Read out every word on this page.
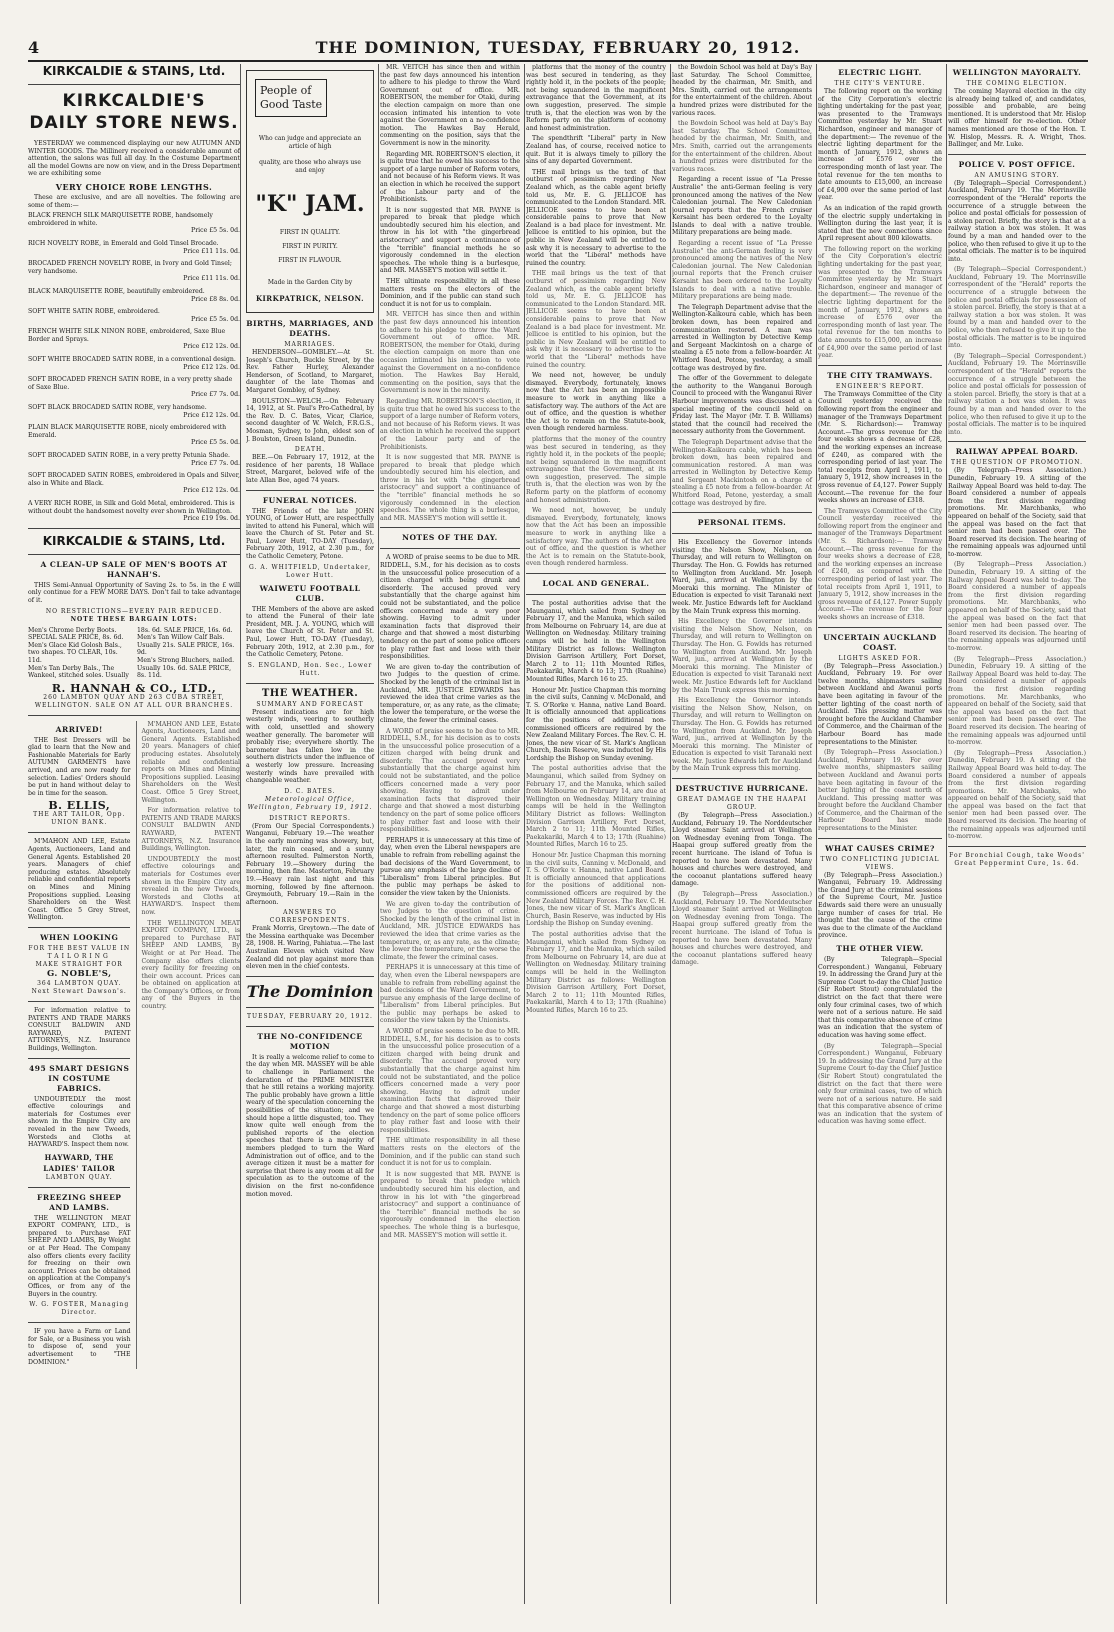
4	THE DOMINION, TUESDAY, FEBRUARY 20, 1912.
KIRKCALDIE & STAINS, Ltd.
KIRKCALDIE'S
DAILY STORE NEWS.

YESTERDAY we commenced displaying our new AUTUMN AND WINTER GOODS. The Millinery received a considerable amount of attention, the salons was full all day. In the Costume Department all the model Gowns are now on view, and in the Dress Department we are exhibiting some

VERY CHOICE ROBE LENGTHS.

These are exclusive, and are all novelties. The following are some of them:—

BLACK FRENCH SILK MARQUISETTE ROBE, handsomely embroidered in white.
Price £5 5s. 0d.
RICH NOVELTY ROBE, in Emerald and Gold Tinsel Brocade.
Price £11 11s. 0d.
BROCADED FRENCH NOVELTY ROBE, in Ivory and Gold Tinsel; very handsome.
Price £11 11s. 0d.
BLACK MARQUISETTE ROBE, beautifully embroidered.
Price £8 8s. 0d.
SOFT WHITE SATIN ROBE, embroidered.
Price £5 5s. 0d.
FRENCH WHITE SILK NINON ROBE, embroidered, Saxe Blue Border and Sprays.
Price £12 12s. 0d.
SOFT WHITE BROCADED SATIN ROBE, in a conventional design.
Price £12 12s. 0d.
SOFT BROCADED FRENCH SATIN ROBE, in a very pretty shade of Saxe Blue.
Price £7 7s. 0d.
SOFT BLACK BROCADED SATIN ROBE, very handsome.
Price £12 12s. 0d.
PLAIN BLACK MARQUISETTE ROBE, nicely embroidered with Emerald.
Price £5 5s. 0d.
SOFT BROCADED SATIN ROBE, in a very pretty Petunia Shade.
Price £7 7s. 0d.
SOFT BROCADED SATIN ROBES, embroidered in Opals and Silver, also in White and Black.
Price £12 12s. 0d.
A VERY RICH ROBE, in Silk and Gold Metal, embroidered. This is without doubt the handsomest novelty ever shown in Wellington.
Price £19 19s. 0d.
KIRKCALDIE & STAINS, Ltd.
A CLEAN-UP SALE OF MEN'S BOOTS AT HANNAH'S.

THIS Semi-Annual Opportunity of Saving 2s. to 5s. in the £ will only continue for a FEW MORE DAYS. Don't fail to take advantage of it.

NO RESTRICTIONS—EVERY PAIR REDUCED.
NOTE THESE BARGAIN LOTS:
Men's Chrome Derby Boots. SPECIAL SALE PRICE, 8s. 6d.
Men's Glace Kid Golosh Bals., two shapes. TO CLEAR, 10s. 11d.
Men's Tan Derby Bals., The Wankeel, stitched soles. Usually 18s. 6d. SALE PRICE, 16s. 6d.
Men's Tan Willow Calf Bals. Usually 21s. SALE PRICE, 16s. 9d.
Men's Strong Bluchers, nailed. Usually 10s. 6d. SALE PRICE, 8s. 11d.
R. HANNAH & CO., LTD.,
260 LAMBTON QUAY AND 263 CUBA STREET, WELLINGTON. SALE ON AT ALL OUR BRANCHES.
ARRIVED!

THE Best Dressers will be glad to learn that the New and Fashionable Materials for Early AUTUMN GARMENTS have arrived, and are now ready for selection. Ladies' Orders should be put in hand without delay to be in time for the season.

B. ELLIS,
THE ART TAILOR, Opp. UNION BANK.

M'MAHON AND LEE, Estate Agents, Auctioneers, Land and General Agents. Established 20 years. Managers of chief producing estates. Absolutely reliable and confidential reports on Mines and Mining Propositions supplied. Leasing Shareholders on the West Coast. Office 5 Grey Street, Wellington.

WHEN LOOKING
FOR THE BEST VALUE IN
TAILORING
MAKE STRAIGHT FOR
G. NOBLE'S,
364 LAMBTON QUAY. Next Stewart Dawson's.

For information relative to PATENTS AND TRADE MARKS CONSULT BALDWIN AND RAYWARD, PATENT ATTORNEYS, N.Z. Insurance Buildings, Wellington.

495 SMART DESIGNS IN COSTUME FABRICS.

UNDOUBTEDLY the most effective colourings and materials for Costumes ever shown in the Empire City are revealed in the new Tweeds, Worsteds and Cloths at HAYWARD'S. Inspect them now.

HAYWARD, THE LADIES' TAILOR
LAMBTON QUAY.
FREEZING SHEEP AND LAMBS.

THE WELLINGTON MEAT EXPORT COMPANY, LTD., is prepared to Purchase FAT SHEEP AND LAMBS, By Weight or at Per Head. The Company also offers clients every facility for freezing on their own account. Prices can be obtained on application at the Company's Offices, or from any of the Buyers in the country.

W. G. FOSTER, Managing Director.

IF you have a Farm or Land for Sale, or a Business you wish to dispose of, send your advertisement to "THE DOMINION."

M'MAHON AND LEE, Estate Agents, Auctioneers, Land and General Agents. Established 20 years. Managers of chief producing estates. Absolutely reliable and confidential reports on Mines and Mining Propositions supplied. Leasing Shareholders on the West Coast. Office 5 Grey Street, Wellington.

For information relative to PATENTS AND TRADE MARKS CONSULT BALDWIN AND RAYWARD, PATENT ATTORNEYS, N.Z. Insurance Buildings, Wellington.

UNDOUBTEDLY the most effective colourings and materials for Costumes ever shown in the Empire City are revealed in the new Tweeds, Worsteds and Cloths at HAYWARD'S. Inspect them now.

THE WELLINGTON MEAT EXPORT COMPANY, LTD., is prepared to Purchase FAT SHEEP AND LAMBS, By Weight or at Per Head. The Company also offers clients every facility for freezing on their own account. Prices can be obtained on application at the Company's Offices, or from any of the Buyers in the country.

People of
Good Taste
Who can judge and appreciate an article of high
quality, are those who always use and enjoy
"K" JAM.
FIRST IN QUALITY.
FIRST IN PURITY.
FIRST IN FLAVOUR.
Made in the Garden City by
KIRKPATRICK, NELSON.
BIRTHS, MARRIAGES, AND DEATHS.
MARRIAGES.

HENDERSON—GOMBLEY.—At St. Joseph's Church, Buckle Street, by the Rev. Father Hurley, Alexander Henderson, of Scotland, to Margaret, daughter of the late Thomas and Margaret Gombley, of Sydney.

BOULSTON—WELCH.—On February 14, 1912, at St. Paul's Pro-Cathedral, by the Rev. D. C. Bates, Vicar, Clarice, second daughter of W. Welch, F.R.G.S., Mosman, Sydney, to John, eldest son of J. Boulston, Green Island, Dunedin.

DEATH.

BEE.—On February 17, 1912, at the residence of her parents, 18 Wallace Street, Margaret, beloved wife of the late Allan Bee, aged 74 years.

FUNERAL NOTICES.

THE Friends of the late JOHN YOUNG, of Lower Hutt, are respectfully invited to attend his Funeral, which will leave the Church of St. Peter and St. Paul, Lower Hutt, TO-DAY (Tuesday), February 20th, 1912, at 2.30 p.m., for the Catholic Cemetery, Petone.

G. A. WHITFIELD, Undertaker, Lower Hutt.
WAIWETU FOOTBALL CLUB.

THE Members of the above are asked to attend the Funeral of their late President, MR. J. A. YOUNG, which will leave the Church of St. Peter and St. Paul, Lower Hutt, TO-DAY (Tuesday), February 20th, 1912, at 2.30 p.m., for the Catholic Cemetery, Petone.

S. ENGLAND, Hon. Sec., Lower Hutt.
THE WEATHER.
SUMMARY AND FORECAST

Present indications are for high westerly winds, veering to southerly with cold, unsettled and showery weather generally. The barometer will probably rise; everywhere shortly. The barometer has fallen low in the southern districts under the influence of a westerly low pressure. Increasing westerly winds have prevailed with changeable weather.

D. C. BATES.
Meteorological Office, Wellington, February 19, 1912.
DISTRICT REPORTS.

(From Our Special Correspondents.) Wanganui, February 19.—The weather in the early morning was showery, but, later, the rain ceased, and a sunny afternoon resulted. Palmerston North, February 19.—Showery during the morning, then fine. Masterton, February 19.—Heavy rain last night and this morning, followed by fine afternoon. Greymouth, February 19.—Rain in the afternoon.

ANSWERS TO CORRESPONDENTS.

Frank Morris, Greytown.—The date of the Messina earthquake was December 28, 1908. H. Waring, Pahiatua.—The last Australian Eleven which visited New Zealand did not play against more than eleven men in the chief contests.

The Dominion
TUESDAY, FEBRUARY 20, 1912.
THE NO-CONFIDENCE MOTION

It is really a welcome relief to come to the day when MR. MASSEY will be able to challenge in Parliament the declaration of the PRIME MINISTER that he still retains a working majority. The public probably have grown a little weary of the speculation concerning the possibilities of the situation; and we should hope a little disgusted, too. They know quite well enough from the published reports of the election speeches that there is a majority of members pledged to turn the Ward Administration out of office, and to the average citizen it must be a matter for surprise that there is any room at all for speculation as to the outcome of the division on the first no-confidence motion moved.

MR. VEITCH has since then and within the past few days announced his intention to adhere to his pledge to throw the Ward Government out of office. MR. ROBERTSON, the member for Otaki, during the election campaign on more than one occasion intimated his intention to vote against the Government on a no-confidence motion. The Hawkes Bay Herald, commenting on the position, says that the Government is now in the minority.

Regarding MR. ROBERTSON'S election, it is quite true that he owed his success to the support of a large number of Reform voters, and not because of his Reform views. It was an election in which he received the support of the Labour party and of the Prohibitionists.

It is now suggested that MR. PAYNE is prepared to break that pledge which undoubtedly secured him his election, and throw in his lot with "the gingerbread aristocracy" and support a continuance of the "terrible" financial methods he so vigorously condemned in the election speeches. The whole thing is a burlesque, and MR. MASSEY'S motion will settle it.

THE ultimate responsibility in all these matters rests on the electors of the Dominion, and if the public can stand such conduct it is not for us to complain.

MR. VEITCH has since then and within the past few days announced his intention to adhere to his pledge to throw the Ward Government out of office. MR. ROBERTSON, the member for Otaki, during the election campaign on more than one occasion intimated his intention to vote against the Government on a no-confidence motion. The Hawkes Bay Herald, commenting on the position, says that the Government is now in the minority.

Regarding MR. ROBERTSON'S election, it is quite true that he owed his success to the support of a large number of Reform voters, and not because of his Reform views. It was an election in which he received the support of the Labour party and of the Prohibitionists.

It is now suggested that MR. PAYNE is prepared to break that pledge which undoubtedly secured him his election, and throw in his lot with "the gingerbread aristocracy" and support a continuance of the "terrible" financial methods he so vigorously condemned in the election speeches. The whole thing is a burlesque, and MR. MASSEY'S motion will settle it.

NOTES OF THE DAY.

A WORD of praise seems to be due to MR. RIDDELL, S.M., for his decision as to costs in the unsuccessful police prosecution of a citizen charged with being drunk and disorderly. The accused proved very substantially that the charge against him could not be substantiated, and the police officers concerned made a very poor showing. Having to admit under examination facts that disproved their charge and that showed a most disturbing tendency on the part of some police officers to play rather fast and loose with their responsibilities.

We are given to-day the contribution of two Judges to the question of crime. Shocked by the length of the criminal list in Auckland, MR. JUSTICE EDWARDS has reviewed the idea that crime varies as the temperature, or, as any rate, as the climate; the lower the temperature, or the worse the climate, the fewer the criminal cases.

A WORD of praise seems to be due to MR. RIDDELL, S.M., for his decision as to costs in the unsuccessful police prosecution of a citizen charged with being drunk and disorderly. The accused proved very substantially that the charge against him could not be substantiated, and the police officers concerned made a very poor showing. Having to admit under examination facts that disproved their charge and that showed a most disturbing tendency on the part of some police officers to play rather fast and loose with their responsibilities.

PERHAPS it is unnecessary at this time of day, when even the Liberal newspapers are unable to refrain from rebelling against the bad decisions of the Ward Government, to pursue any emphasis of the large decline of "Liberalism" from Liberal principles. But the public may perhaps be asked to consider the view taken by the Unionists.

We are given to-day the contribution of two Judges to the question of crime. Shocked by the length of the criminal list in Auckland, MR. JUSTICE EDWARDS has reviewed the idea that crime varies as the temperature, or, as any rate, as the climate; the lower the temperature, or the worse the climate, the fewer the criminal cases.

PERHAPS it is unnecessary at this time of day, when even the Liberal newspapers are unable to refrain from rebelling against the bad decisions of the Ward Government, to pursue any emphasis of the large decline of "Liberalism" from Liberal principles. But the public may perhaps be asked to consider the view taken by the Unionists.

A WORD of praise seems to be due to MR. RIDDELL, S.M., for his decision as to costs in the unsuccessful police prosecution of a citizen charged with being drunk and disorderly. The accused proved very substantially that the charge against him could not be substantiated, and the police officers concerned made a very poor showing. Having to admit under examination facts that disproved their charge and that showed a most disturbing tendency on the part of some police officers to play rather fast and loose with their responsibilities.

THE ultimate responsibility in all these matters rests on the electors of the Dominion, and if the public can stand such conduct it is not for us to complain.

It is now suggested that MR. PAYNE is prepared to break that pledge which undoubtedly secured him his election, and throw in his lot with "the gingerbread aristocracy" and support a continuance of the "terrible" financial methods he so vigorously condemned in the election speeches. The whole thing is a burlesque, and MR. MASSEY'S motion will settle it.

platforms that the money of the country was best secured in tendering, as they rightly hold it, in the pockets of the people; not being squandered in the magnificent extravagance that the Government, at its own suggestion, preserved. The simple truth is, that the election was won by the Reform party on the platform of economy and honest administration.

The spendthrift "Liberal" party in New Zealand has, of course, received notice to quit. But it is always timely to pillory the sins of any departed Government.

THE mail brings us the text of that outburst of pessimism regarding New Zealand which, as the cable agent briefly told us, Mr. E. G. JELLICOE has communicated to the London Standard. MR. JELLICOE seems to have been at considerable pains to prove that New Zealand is a bad place for investment. Mr. Jellicoe is entitled to his opinion, but the public in New Zealand will be entitled to ask why it is necessary to advertise to the world that the "Liberal" methods have ruined the country.

THE mail brings us the text of that outburst of pessimism regarding New Zealand which, as the cable agent briefly told us, Mr. E. G. JELLICOE has communicated to the London Standard. MR. JELLICOE seems to have been at considerable pains to prove that New Zealand is a bad place for investment. Mr. Jellicoe is entitled to his opinion, but the public in New Zealand will be entitled to ask why it is necessary to advertise to the world that the "Liberal" methods have ruined the country.

We need not, however, be unduly dismayed. Everybody, fortunately, knows now that the Act has been an impossible measure to work in anything like a satisfactory way. The authors of the Act are out of office, and the question is whether the Act is to remain on the Statute-book, even though rendered harmless.

platforms that the money of the country was best secured in tendering, as they rightly hold it, in the pockets of the people; not being squandered in the magnificent extravagance that the Government, at its own suggestion, preserved. The simple truth is, that the election was won by the Reform party on the platform of economy and honest administration.

We need not, however, be unduly dismayed. Everybody, fortunately, knows now that the Act has been an impossible measure to work in anything like a satisfactory way. The authors of the Act are out of office, and the question is whether the Act is to remain on the Statute-book, even though rendered harmless.

LOCAL AND GENERAL.

The postal authorities advise that the Maunganui, which sailed from Sydney on February 17, and the Manuka, which sailed from Melbourne on February 14, are due at Wellington on Wednesday. Military training camps will be held in the Wellington Military District as follows: Wellington Division Garrison Artillery, Fort Dorset, March 2 to 11; 11th Mounted Rifles, Paekakariki, March 4 to 13; 17th (Ruahine) Mounted Rifles, March 16 to 25.

Honour Mr. Justice Chapman this morning in the civil suits, Canning v. McDonald, and T. S. O'Rorke v. Hanna, native Land Board. It is officially announced that applications for the positions of additional non-commissioned officers are required by the New Zealand Military Forces. The Rev. C. H. Jones, the new vicar of St. Mark's Anglican Church, Basin Reserve, was inducted by His Lordship the Bishop on Sunday evening.

The postal authorities advise that the Maunganui, which sailed from Sydney on February 17, and the Manuka, which sailed from Melbourne on February 14, are due at Wellington on Wednesday. Military training camps will be held in the Wellington Military District as follows: Wellington Division Garrison Artillery, Fort Dorset, March 2 to 11; 11th Mounted Rifles, Paekakariki, March 4 to 13; 17th (Ruahine) Mounted Rifles, March 16 to 25.

Honour Mr. Justice Chapman this morning in the civil suits, Canning v. McDonald, and T. S. O'Rorke v. Hanna, native Land Board. It is officially announced that applications for the positions of additional non-commissioned officers are required by the New Zealand Military Forces. The Rev. C. H. Jones, the new vicar of St. Mark's Anglican Church, Basin Reserve, was inducted by His Lordship the Bishop on Sunday evening.

The postal authorities advise that the Maunganui, which sailed from Sydney on February 17, and the Manuka, which sailed from Melbourne on February 14, are due at Wellington on Wednesday. Military training camps will be held in the Wellington Military District as follows: Wellington Division Garrison Artillery, Fort Dorset, March 2 to 11; 11th Mounted Rifles, Paekakariki, March 4 to 13; 17th (Ruahine) Mounted Rifles, March 16 to 25.

the Bowdoin School was held at Day's Bay last Saturday. The School Committee, headed by the chairman, Mr. Smith, and Mrs. Smith, carried out the arrangements for the entertainment of the children. About a hundred prizes were distributed for the various races.

the Bowdoin School was held at Day's Bay last Saturday. The School Committee, headed by the chairman, Mr. Smith, and Mrs. Smith, carried out the arrangements for the entertainment of the children. About a hundred prizes were distributed for the various races.

Regarding a recent issue of "La Presse Australie" the anti-German feeling is very pronounced among the natives of the New Caledonian journal. The New Caledonian journal reports that the French cruiser Kersaint has been ordered to the Loyalty Islands to deal with a native trouble. Military preparations are being made.

Regarding a recent issue of "La Presse Australie" the anti-German feeling is very pronounced among the natives of the New Caledonian journal. The New Caledonian journal reports that the French cruiser Kersaint has been ordered to the Loyalty Islands to deal with a native trouble. Military preparations are being made.

The Telegraph Department advise that the Wellington-Kaikoura cable, which has been broken down, has been repaired and communication restored. A man was arrested in Wellington by Detective Kemp and Sergeant Mackintosh on a charge of stealing a £5 note from a fellow-boarder. At Whitford Road, Petone, yesterday, a small cottage was destroyed by fire.

The offer of the Government to delegate the authority to the Wanganui Borough Council to proceed with the Wanganui River Harbour improvements was discussed at a special meeting of the council held on Friday last. The Mayor (Mr. T. B. Williams) stated that the council had received the necessary authority from the Government.

The Telegraph Department advise that the Wellington-Kaikoura cable, which has been broken down, has been repaired and communication restored. A man was arrested in Wellington by Detective Kemp and Sergeant Mackintosh on a charge of stealing a £5 note from a fellow-boarder. At Whitford Road, Petone, yesterday, a small cottage was destroyed by fire.

PERSONAL ITEMS.

His Excellency the Governor intends visiting the Nelson Show, Nelson, on Thursday, and will return to Wellington on Thursday. The Hon. G. Fowlds has returned to Wellington from Auckland. Mr. Joseph Ward, jun., arrived at Wellington by the Moeraki this morning. The Minister of Education is expected to visit Taranaki next week. Mr. Justice Edwards left for Auckland by the Main Trunk express this morning.

His Excellency the Governor intends visiting the Nelson Show, Nelson, on Thursday, and will return to Wellington on Thursday. The Hon. G. Fowlds has returned to Wellington from Auckland. Mr. Joseph Ward, jun., arrived at Wellington by the Moeraki this morning. The Minister of Education is expected to visit Taranaki next week. Mr. Justice Edwards left for Auckland by the Main Trunk express this morning.

His Excellency the Governor intends visiting the Nelson Show, Nelson, on Thursday, and will return to Wellington on Thursday. The Hon. G. Fowlds has returned to Wellington from Auckland. Mr. Joseph Ward, jun., arrived at Wellington by the Moeraki this morning. The Minister of Education is expected to visit Taranaki next week. Mr. Justice Edwards left for Auckland by the Main Trunk express this morning.

DESTRUCTIVE HURRICANE.
GREAT DAMAGE IN THE HAAPAI GROUP.

(By Telegraph—Press Association.) Auckland, February 19. The Norddeutscher Lloyd steamer Saint arrived at Wellington on Wednesday evening from Tonga. The Haapai group suffered greatly from the recent hurricane. The island of Tofua is reported to have been devastated. Many houses and churches were destroyed, and the cocoanut plantations suffered heavy damage.

(By Telegraph—Press Association.) Auckland, February 19. The Norddeutscher Lloyd steamer Saint arrived at Wellington on Wednesday evening from Tonga. The Haapai group suffered greatly from the recent hurricane. The island of Tofua is reported to have been devastated. Many houses and churches were destroyed, and the cocoanut plantations suffered heavy damage.

ELECTRIC LIGHT.
THE CITY'S VENTURE.

The following report on the working of the City Corporation's electric lighting undertaking for the past year, was presented to the Tramways Committee yesterday by Mr. Stuart Richardson, engineer and manager of the department:— The revenue of the electric lighting department for the month of January, 1912, shows an increase of £576 over the corresponding month of last year. The total revenue for the ten months to date amounts to £15,000, an increase of £4,900 over the same period of last year.

As an indication of the rapid growth of the electric supply undertaking in Wellington during the last year, it is stated that the new connections since April represent about 800 kilowatts.

The following report on the working of the City Corporation's electric lighting undertaking for the past year, was presented to the Tramways Committee yesterday by Mr. Stuart Richardson, engineer and manager of the department:— The revenue of the electric lighting department for the month of January, 1912, shows an increase of £576 over the corresponding month of last year. The total revenue for the ten months to date amounts to £15,000, an increase of £4,900 over the same period of last year.

THE CITY TRAMWAYS.
ENGINEER'S REPORT.

The Tramways Committee of the City Council yesterday received the following report from the engineer and manager of the Tramways Department (Mr. S. Richardson):— Tramway Account.—The gross revenue for the four weeks shows a decrease of £28, and the working expenses an increase of £240, as compared with the corresponding period of last year. The total receipts from April 1, 1911, to January 5, 1912, show increases in the gross revenue of £4,127. Power Supply Account.—The revenue for the four weeks shows an increase of £318.

The Tramways Committee of the City Council yesterday received the following report from the engineer and manager of the Tramways Department (Mr. S. Richardson):— Tramway Account.—The gross revenue for the four weeks shows a decrease of £28, and the working expenses an increase of £240, as compared with the corresponding period of last year. The total receipts from April 1, 1911, to January 5, 1912, show increases in the gross revenue of £4,127. Power Supply Account.—The revenue for the four weeks shows an increase of £318.

UNCERTAIN AUCKLAND COAST.
LIGHTS ASKED FOR.

(By Telegraph—Press Association.) Auckland, February 19. For over twelve months, shipmasters sailing between Auckland and Awanui ports have been agitating in favour of the better lighting of the coast north of Auckland. This pressing matter was brought before the Auckland Chamber of Commerce, and the Chairman of the Harbour Board has made representations to the Minister.

(By Telegraph—Press Association.) Auckland, February 19. For over twelve months, shipmasters sailing between Auckland and Awanui ports have been agitating in favour of the better lighting of the coast north of Auckland. This pressing matter was brought before the Auckland Chamber of Commerce, and the Chairman of the Harbour Board has made representations to the Minister.

WHAT CAUSES CRIME?
TWO CONFLICTING JUDICIAL VIEWS.

(By Telegraph—Press Association.) Wanganui, February 19. Addressing the Grand Jury at the criminal sessions of the Supreme Court, Mr. Justice Edwards said there were an unusually large number of cases for trial. He thought that the cause of the crime was due to the climate of the Auckland province.

THE OTHER VIEW.

(By Telegraph—Special Correspondent.) Wanganui, February 19. In addressing the Grand Jury at the Supreme Court to-day the Chief Justice (Sir Robert Stout) congratulated the district on the fact that there were only four criminal cases, two of which were not of a serious nature. He said that this comparative absence of crime was an indication that the system of education was having some effect.

(By Telegraph—Special Correspondent.) Wanganui, February 19. In addressing the Grand Jury at the Supreme Court to-day the Chief Justice (Sir Robert Stout) congratulated the district on the fact that there were only four criminal cases, two of which were not of a serious nature. He said that this comparative absence of crime was an indication that the system of education was having some effect.

WELLINGTON MAYORALTY.
THE COMING ELECTION.

The coming Mayoral election in the city is already being talked of, and candidates, possible and probable, are being mentioned. It is understood that Mr. Hislop will offer himself for re-election. Other names mentioned are those of the Hon. T. W. Hislop, Messrs. R. A. Wright, Thos. Ballinger, and Mr. Luke.

POLICE V. POST OFFICE.
AN AMUSING STORY.

(By Telegraph—Special Correspondent.) Auckland, February 19. The Morrinsville correspondent of the "Herald" reports the occurrence of a struggle between the police and postal officials for possession of a stolen parcel. Briefly, the story is that at a railway station a box was stolen. It was found by a man and handed over to the police, who then refused to give it up to the postal officials. The matter is to be inquired into.

(By Telegraph—Special Correspondent.) Auckland, February 19. The Morrinsville correspondent of the "Herald" reports the occurrence of a struggle between the police and postal officials for possession of a stolen parcel. Briefly, the story is that at a railway station a box was stolen. It was found by a man and handed over to the police, who then refused to give it up to the postal officials. The matter is to be inquired into.

(By Telegraph—Special Correspondent.) Auckland, February 19. The Morrinsville correspondent of the "Herald" reports the occurrence of a struggle between the police and postal officials for possession of a stolen parcel. Briefly, the story is that at a railway station a box was stolen. It was found by a man and handed over to the police, who then refused to give it up to the postal officials. The matter is to be inquired into.

RAILWAY APPEAL BOARD.
THE QUESTION OF PROMOTION.

(By Telegraph—Press Association.) Dunedin, February 19. A sitting of the Railway Appeal Board was held to-day. The Board considered a number of appeals from the first division regarding promotions. Mr. Marchbanks, who appeared on behalf of the Society, said that the appeal was based on the fact that senior men had been passed over. The Board reserved its decision. The hearing of the remaining appeals was adjourned until to-morrow.

(By Telegraph—Press Association.) Dunedin, February 19. A sitting of the Railway Appeal Board was held to-day. The Board considered a number of appeals from the first division regarding promotions. Mr. Marchbanks, who appeared on behalf of the Society, said that the appeal was based on the fact that senior men had been passed over. The Board reserved its decision. The hearing of the remaining appeals was adjourned until to-morrow.

(By Telegraph—Press Association.) Dunedin, February 19. A sitting of the Railway Appeal Board was held to-day. The Board considered a number of appeals from the first division regarding promotions. Mr. Marchbanks, who appeared on behalf of the Society, said that the appeal was based on the fact that senior men had been passed over. The Board reserved its decision. The hearing of the remaining appeals was adjourned until to-morrow.

(By Telegraph—Press Association.) Dunedin, February 19. A sitting of the Railway Appeal Board was held to-day. The Board considered a number of appeals from the first division regarding promotions. Mr. Marchbanks, who appeared on behalf of the Society, said that the appeal was based on the fact that senior men had been passed over. The Board reserved its decision. The hearing of the remaining appeals was adjourned until to-morrow.

For Bronchial Cough, take Woods' Great Peppermint Cure, 1s. 6d.
